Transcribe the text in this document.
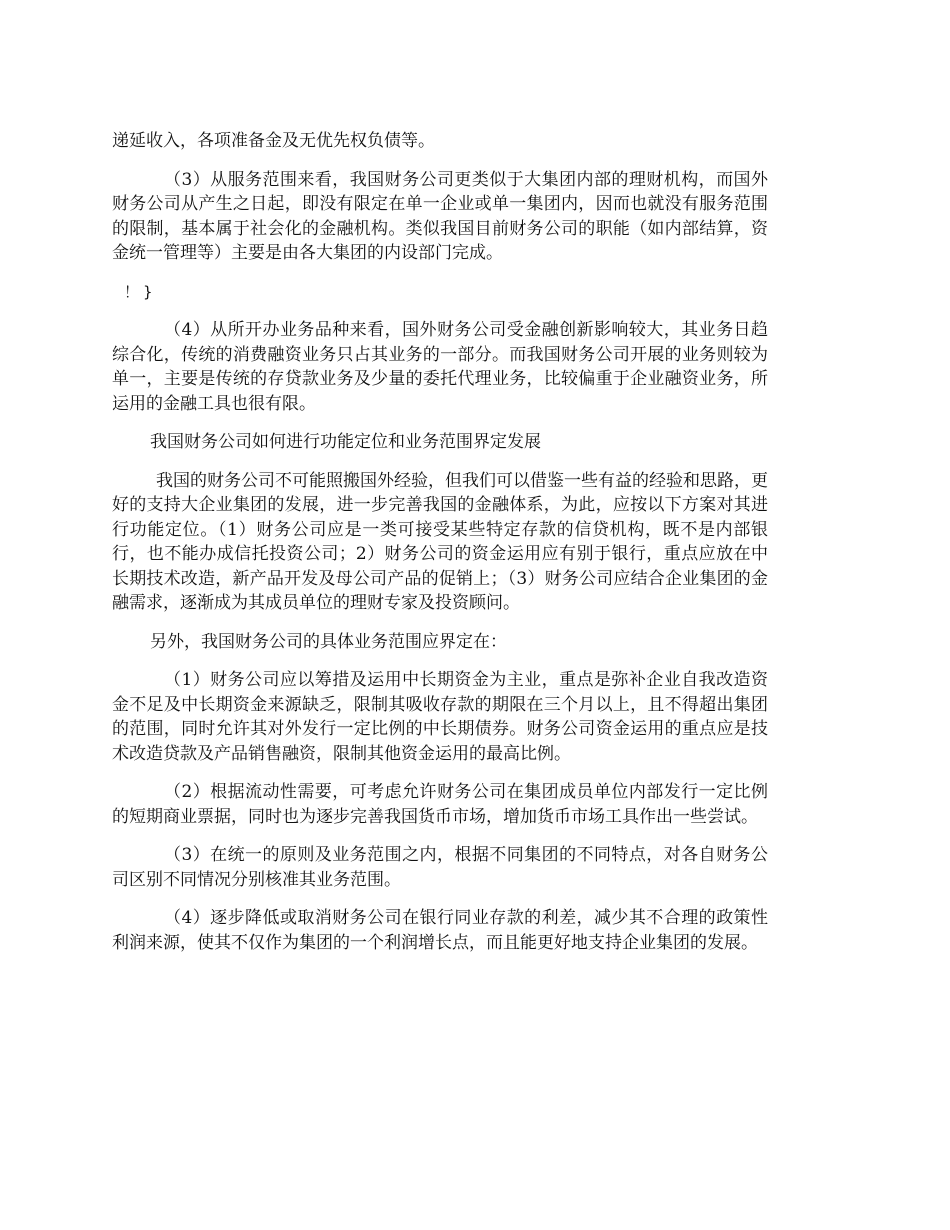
递延收入，各项准备金及无优先权负债等。

（3）从服务范围来看，我国财务公司更类似于大集团内部的理财机构，而国外财务公司从产生之日起，即没有限定在单一企业或单一集团内，因而也就没有服务范围的限制，基本属于社会化的金融机构。类似我国目前财务公司的职能（如内部结算，资金统一管理等）主要是由各大集团的内设部门完成。

！}

（4）从所开办业务品种来看，国外财务公司受金融创新影响较大，其业务日趋综合化，传统的消费融资业务只占其业务的一部分。而我国财务公司开展的业务则较为单一，主要是传统的存贷款业务及少量的委托代理业务，比较偏重于企业融资业务，所运用的金融工具也很有限。

我国财务公司如何进行功能定位和业务范围界定发展

我国的财务公司不可能照搬国外经验，但我们可以借鉴一些有益的经验和思路，更好的支持大企业集团的发展，进一步完善我国的金融体系，为此，应按以下方案对其进行功能定位。（1）财务公司应是一类可接受某些特定存款的信贷机构，既不是内部银行，也不能办成信托投资公司；2）财务公司的资金运用应有别于银行，重点应放在中长期技术改造，新产品开发及母公司产品的促销上；（3）财务公司应结合企业集团的金融需求，逐渐成为其成员单位的理财专家及投资顾问。

另外，我国财务公司的具体业务范围应界定在：

（1）财务公司应以筹措及运用中长期资金为主业，重点是弥补企业自我改造资金不足及中长期资金来源缺乏，限制其吸收存款的期限在三个月以上，且不得超出集团的范围，同时允许其对外发行一定比例的中长期债券。财务公司资金运用的重点应是技术改造贷款及产品销售融资，限制其他资金运用的最高比例。

（2）根据流动性需要，可考虑允许财务公司在集团成员单位内部发行一定比例的短期商业票据，同时也为逐步完善我国货币市场，增加货币市场工具作出一些尝试。

（3）在统一的原则及业务范围之内，根据不同集团的不同特点，对各自财务公司区别不同情况分别核准其业务范围。

（4）逐步降低或取消财务公司在银行同业存款的利差，减少其不合理的政策性利润来源，使其不仅作为集团的一个利润增长点，而且能更好地支持企业集团的发展。
